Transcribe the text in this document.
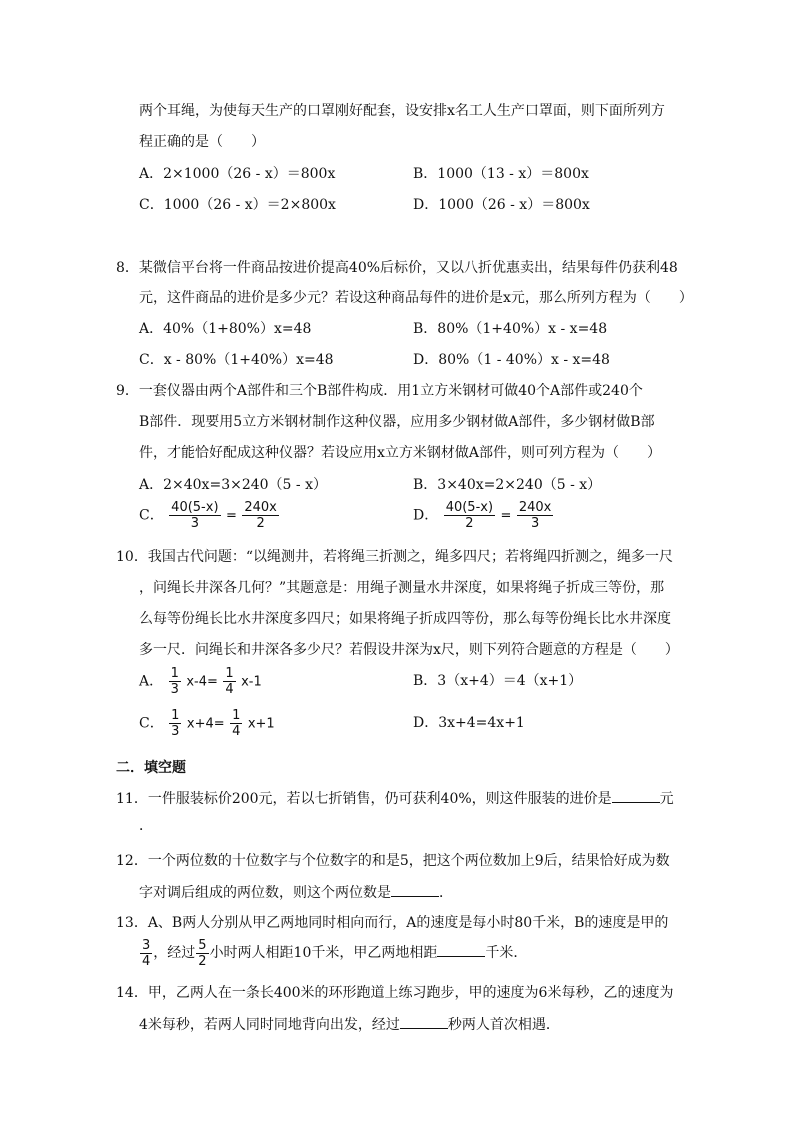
两个耳绳，为使每天生产的口罩刚好配套，设安排x名工人生产口罩面，则下面所列方
程正确的是（　　）
A．2×1000（26 - x）＝800x	B．1000（13 - x）＝800x
C．1000（26 - x）＝2×800x	D．1000（26 - x）＝800x
8．某微信平台将一件商品按进价提高40%后标价，又以八折优惠卖出，结果每件仍获利48
元，这件商品的进价是多少元？若设这种商品每件的进价是x元，那么所列方程为（　　）
A．40%（1+80%）x=48	B．80%（1+40%）x - x=48
C．x - 80%（1+40%）x=48	D．80%（1 - 40%）x - x=48
9．一套仪器由两个A部件和三个B部件构成．用1立方米钢材可做40个A部件或240个
B部件．现要用5立方米钢材制作这种仪器，应用多少钢材做A部件，多少钢材做B部
件，才能恰好配成这种仪器？若设应用x立方米钢材做A部件，则可列方程为（　　）
A．2×40x=3×240（5 - x）	B．3×40x=2×240（5 - x）
C． $\frac{40(5-x)}{3} = \frac{240x}{2}$	D． $\frac{40(5-x)}{2} = \frac{240x}{3}$
10．我国古代问题：“以绳测井，若将绳三折测之，绳多四尺；若将绳四折测之，绳多一尺
，问绳长井深各几何？”其题意是：用绳子测量水井深度，如果将绳子折成三等份，那
么每等份绳长比水井深度多四尺；如果将绳子折成四等份，那么每等份绳长比水井深度
多一尺．问绳长和井深各多少尺？若假设井深为x尺，则下列符合题意的方程是（　　）
A． $\frac{1}{3} x-4= \frac{1}{4} x-1$	B．3（x+4）＝4（x+1）
C． $\frac{1}{3} x+4= \frac{1}{4} x+1$	D．3x+4=4x+1
二．填空题
11．一件服装标价200元，若以七折销售，仍可获利40%，则这件服装的进价是	元
．
12．一个两位数的十位数字与个位数字的和是5，把这个两位数加上9后，结果恰好成为数
字对调后组成的两位数，则这个两位数是	．
13．A、B两人分别从甲乙两地同时相向而行，A的速度是每小时80千米，B的速度是甲的
$\frac{3}{4}$ ，经过 $\frac{5}{2}$ 小时两人相距10千米，甲乙两地相距	千米．
14．甲，乙两人在一条长400米的环形跑道上练习跑步，甲的速度为6米每秒，乙的速度为
4米每秒，若两人同时同地背向出发，经过	秒两人首次相遇．
